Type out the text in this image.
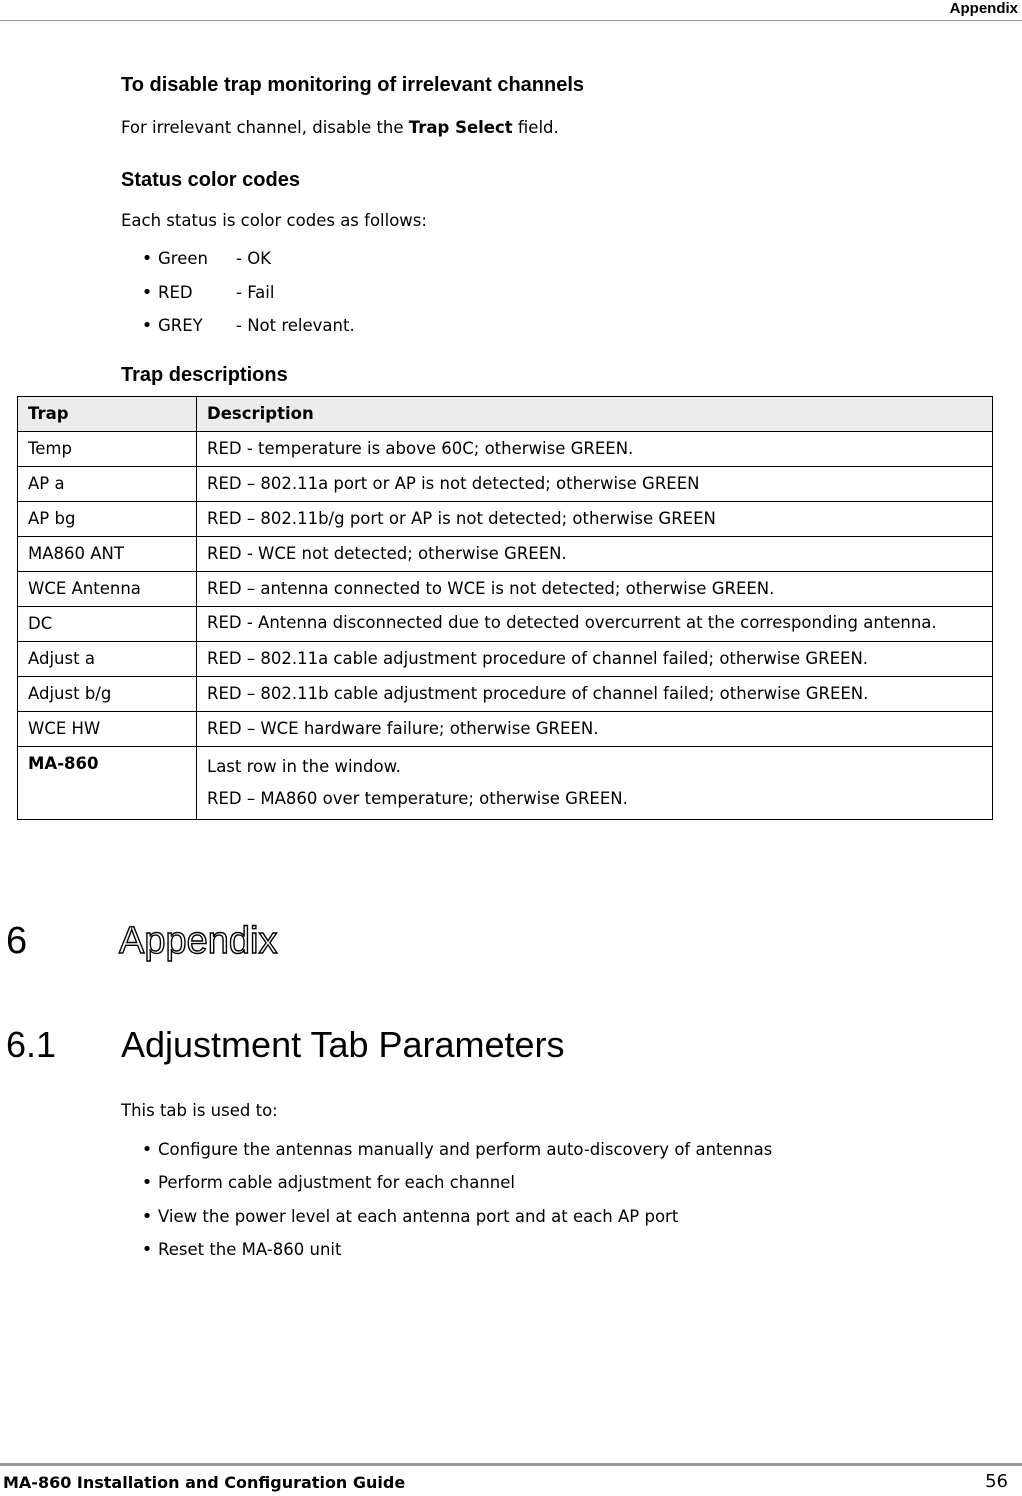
Appendix
To disable trap monitoring of irrelevant channels

For irrelevant channel, disable the Trap Select field.

Status color codes

Each status is color codes as follows:

• Green	- OK
• RED	- Fail
• GREY	- Not relevant.
Trap descriptions
Trap	Description
Temp	RED - temperature is above 60C; otherwise GREEN.
AP a	RED – 802.11a port or AP is not detected; otherwise GREEN
AP bg	RED – 802.11b/g port or AP is not detected; otherwise GREEN
MA860 ANT	RED - WCE not detected; otherwise GREEN.
WCE Antenna	RED – antenna connected to WCE is not detected; otherwise GREEN.
DC	RED - Antenna disconnected due to detected overcurrent at the corresponding antenna.
Adjust a	RED – 802.11a cable adjustment procedure of channel failed; otherwise GREEN.
Adjust b/g	RED – 802.11b cable adjustment procedure of channel failed; otherwise GREEN.
WCE HW	RED – WCE hardware failure; otherwise GREEN.
MA-860	Last row in the window.
RED – MA860 over temperature; otherwise GREEN.
6 Appendix
6.1 Adjustment Tab Parameters

This tab is used to:

• Configure the antennas manually and perform auto-discovery of antennas
• Perform cable adjustment for each channel
• View the power level at each antenna port and at each AP port
• Reset the MA-860 unit
MA-860 Installation and Configuration Guide	56
